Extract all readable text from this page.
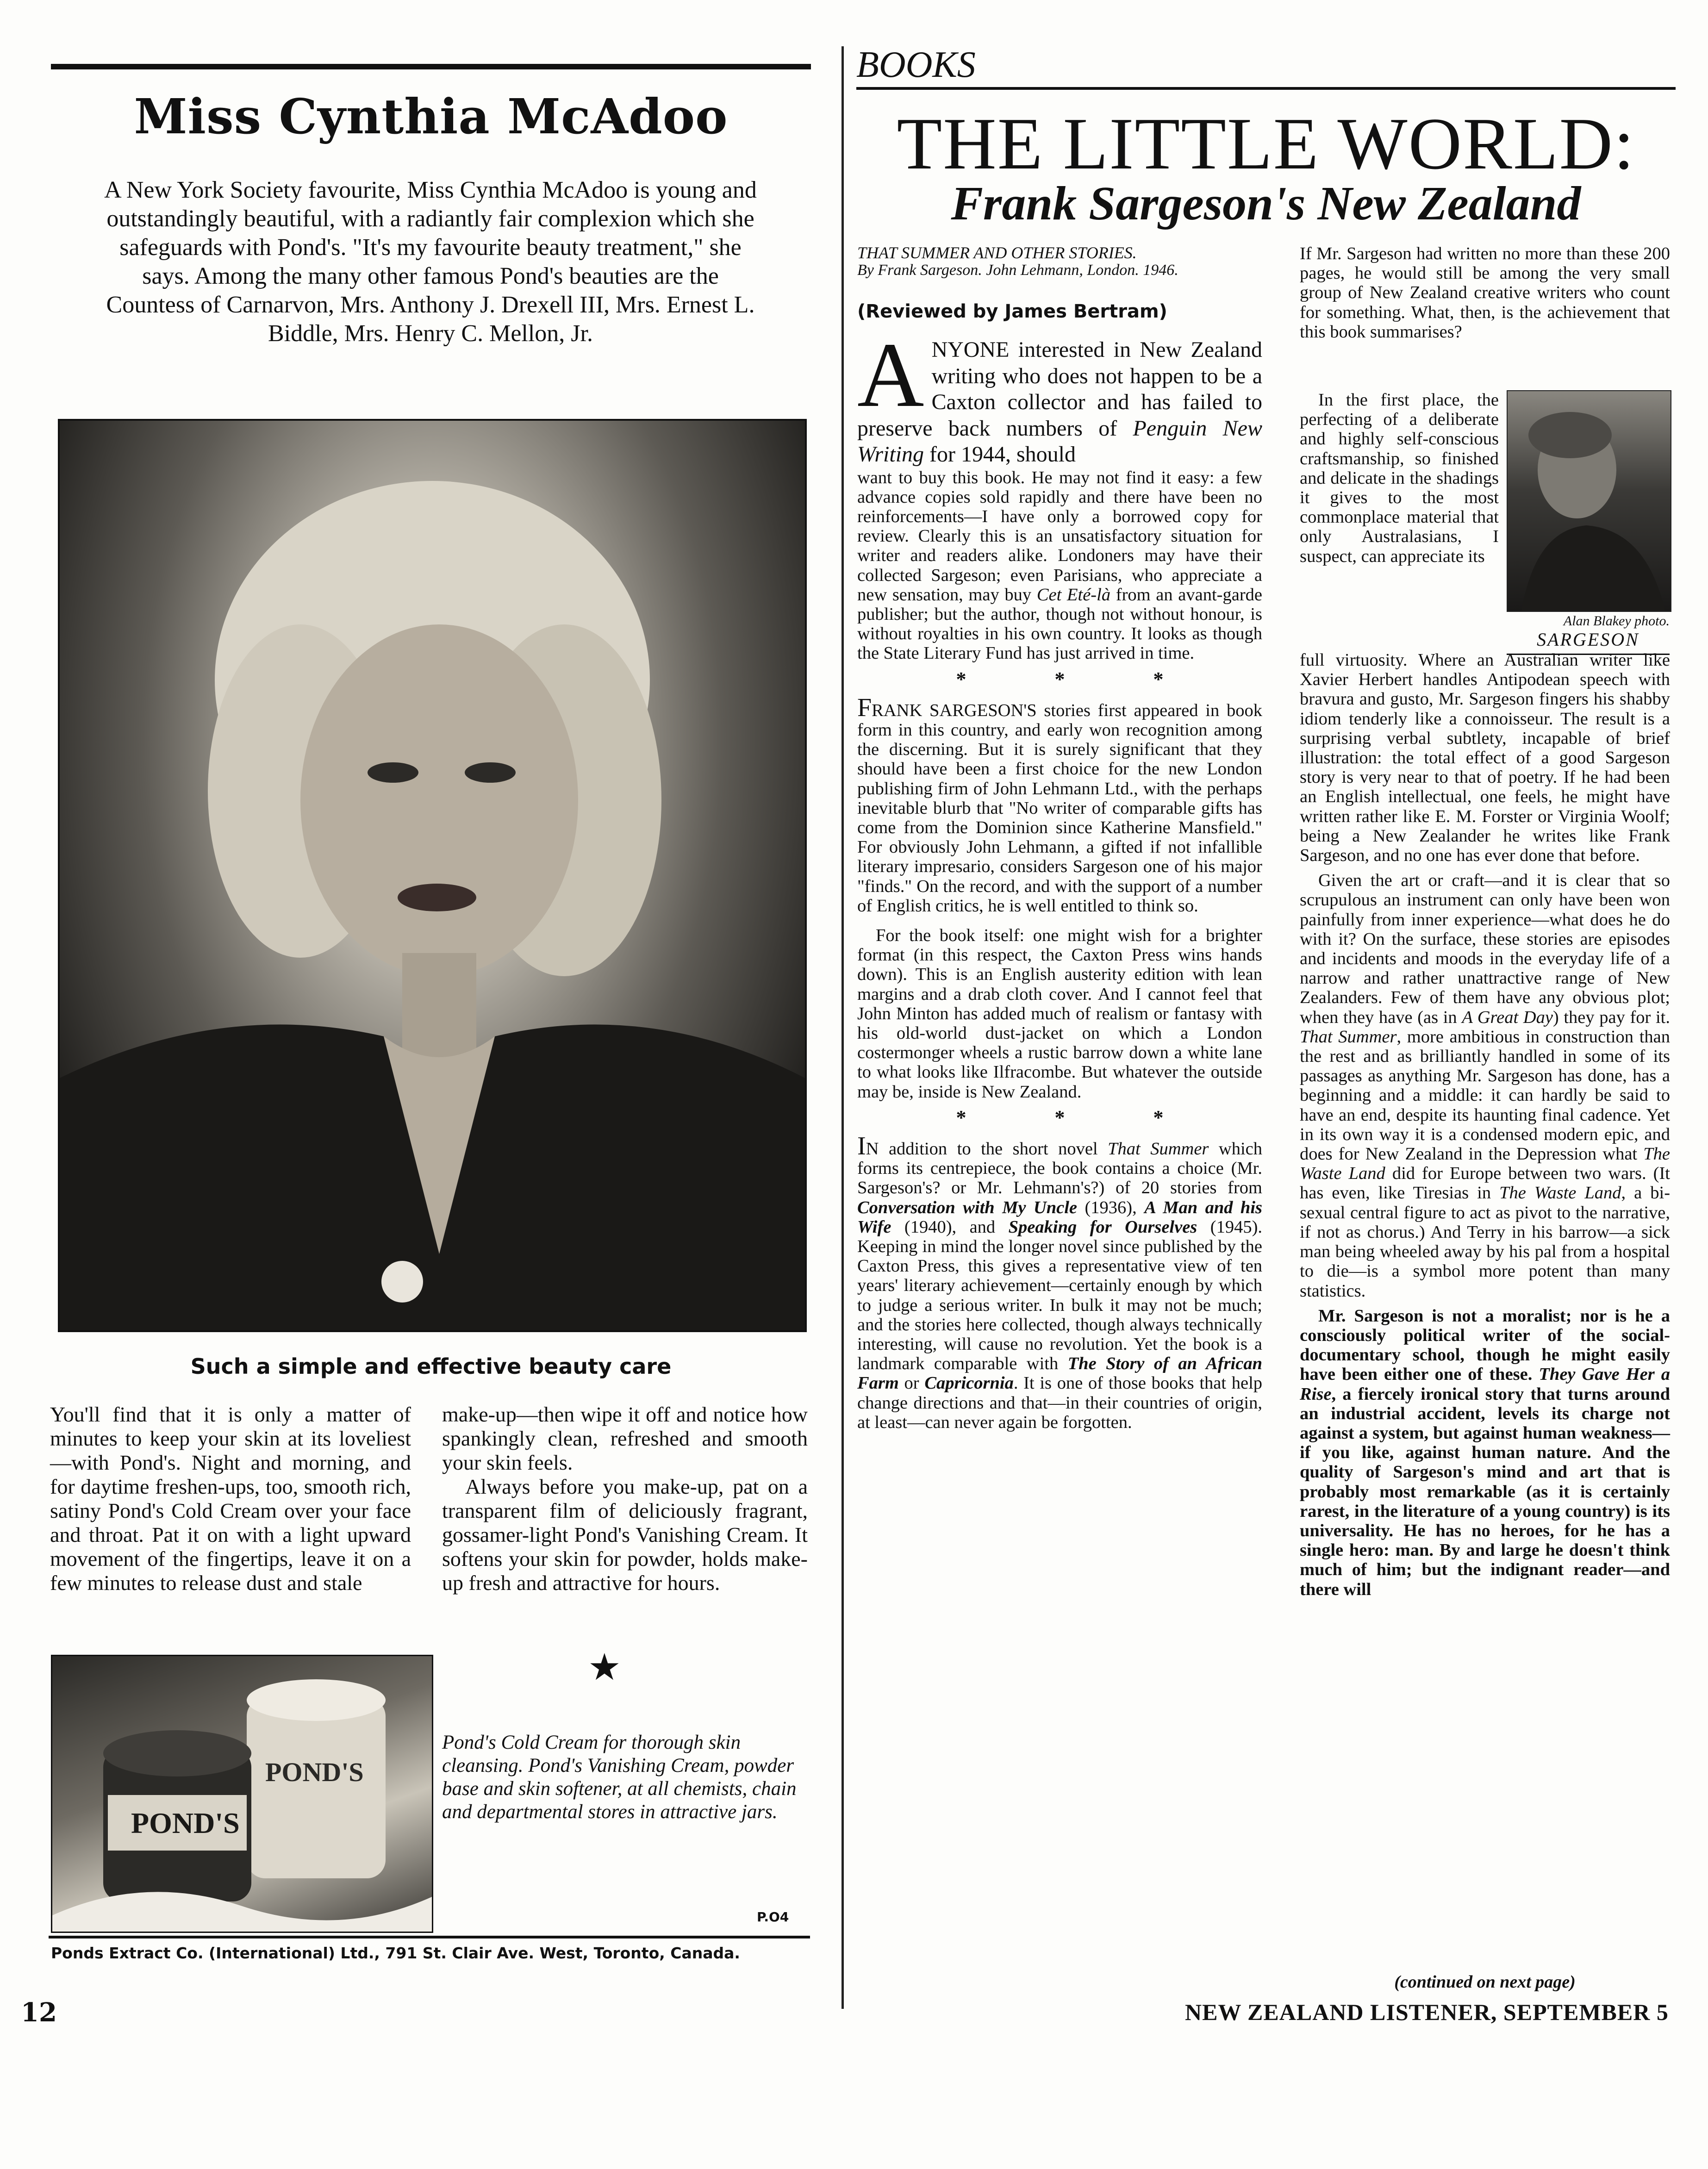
Miss Cynthia McAdoo

A New York Society favourite, Miss Cynthia McAdoo is young and outstandingly beautiful, with a radiantly fair complexion which she safeguards with Pond's. "It's my favourite beauty treatment," she says. Among the many other famous Pond's beauties are the Countess of Carnarvon, Mrs. Anthony J. Drexell III, Mrs. Ernest L. Biddle, Mrs. Henry C. Mellon, Jr.

Such a simple and effective beauty care

You'll find that it is only a matter of minutes to keep your skin at its loveliest—with Pond's. Night and morning, and for daytime freshen-ups, too, smooth rich, satiny Pond's Cold Cream over your face and throat. Pat it on with a light upward movement of the fingertips, leave it on a few minutes to release dust and stale

make-up—then wipe it off and notice how spankingly clean, refreshed and smooth your skin feels.

Always before you make-up, pat on a transparent film of deliciously fragrant, gossamer-light Pond's Vanishing Cream. It softens your skin for powder, holds make-up fresh and attractive for hours.

★
POND'S
POND'S

Pond's Cold Cream for thorough skin cleansing. Pond's Vanishing Cream, powder base and skin softener, at all chemists, chain and departmental stores in attractive jars.

P.O4
Ponds Extract Co. (International) Ltd., 791 St. Clair Ave. West, Toronto, Canada.
12
BOOKS
THE LITTLE WORLD:
Frank Sargeson's New Zealand
THAT SUMMER AND OTHER STORIES.
By Frank Sargeson. John Lehmann, London. 1946.
(Reviewed by James Bertram)

ANYONE interested in New Zealand writing who does not happen to be a Caxton collector and has failed to preserve back numbers of Penguin New Writing for 1944, should

want to buy this book. He may not find it easy: a few advance copies sold rapidly and there have been no reinforcements—I have only a borrowed copy for review. Clearly this is an unsatisfactory situation for writer and readers alike. Londoners may have their collected Sargeson; even Parisians, who appreciate a new sensation, may buy Cet Eté-là from an avant-garde publisher; but the author, though not without honour, is without royalties in his own country. It looks as though the State Literary Fund has just arrived in time.

* * *

FRANK SARGESON'S stories first appeared in book form in this country, and early won recognition among the discerning. But it is surely significant that they should have been a first choice for the new London publishing firm of John Lehmann Ltd., with the perhaps inevitable blurb that "No writer of comparable gifts has come from the Dominion since Katherine Mansfield." For obviously John Lehmann, a gifted if not infallible literary impresario, considers Sargeson one of his major "finds." On the record, and with the support of a number of English critics, he is well entitled to think so.

For the book itself: one might wish for a brighter format (in this respect, the Caxton Press wins hands down). This is an English austerity edition with lean margins and a drab cloth cover. And I cannot feel that John Minton has added much of realism or fantasy with his old-world dust-jacket on which a London costermonger wheels a rustic barrow down a white lane to what looks like Ilfracombe. But whatever the outside may be, inside is New Zealand.

* * *

IN addition to the short novel That Summer which forms its centrepiece, the book contains a choice (Mr. Sargeson's? or Mr. Lehmann's?) of 20 stories from Conversation with My Uncle (1936), A Man and his Wife (1940), and Speaking for Ourselves (1945). Keeping in mind the longer novel since published by the Caxton Press, this gives a representative view of ten years' literary achievement—certainly enough by which to judge a serious writer. In bulk it may not be much; and the stories here collected, though always technically interesting, will cause no revolution. Yet the book is a landmark comparable with The Story of an African Farm or Capricornia. It is one of those books that help change directions and that—in their countries of origin, at least—can never again be forgotten.

If Mr. Sargeson had written no more than these 200 pages, he would still be among the very small group of New Zealand creative writers who count for something. What, then, is the achievement that this book summarises?

In the first place, the perfecting of a deliberate and highly self-conscious craftsmanship, so finished and delicate in the shadings it gives to the most commonplace material that only Australasians, I suspect, can appreciate its
Alan Blakey photo.
SARGESON

full virtuosity. Where an Australian writer like Xavier Herbert handles Antipodean speech with bravura and gusto, Mr. Sargeson fingers his shabby idiom tenderly like a connoisseur. The result is a surprising verbal subtlety, incapable of brief illustration: the total effect of a good Sargeson story is very near to that of poetry. If he had been an English intellectual, one feels, he might have written rather like E. M. Forster or Virginia Woolf; being a New Zealander he writes like Frank Sargeson, and no one has ever done that before.

Given the art or craft—and it is clear that so scrupulous an instrument can only have been won painfully from inner experience—what does he do with it? On the surface, these stories are episodes and incidents and moods in the everyday life of a narrow and rather unattractive range of New Zealanders. Few of them have any obvious plot; when they have (as in A Great Day) they pay for it. That Summer, more ambitious in construction than the rest and as brilliantly handled in some of its passages as anything Mr. Sargeson has done, has a beginning and a middle: it can hardly be said to have an end, despite its haunting final cadence. Yet in its own way it is a condensed modern epic, and does for New Zealand in the Depression what The Waste Land did for Europe between two wars. (It has even, like Tiresias in The Waste Land, a bi-sexual central figure to act as pivot to the narrative, if not as chorus.) And Terry in his barrow—a sick man being wheeled away by his pal from a hospital to die—is a symbol more potent than many statistics.

Mr. Sargeson is not a moralist; nor is he a consciously political writer of the social-documentary school, though he might easily have been either one of these. They Gave Her a Rise, a fiercely ironical story that turns around an industrial accident, levels its charge not against a system, but against human weakness—if you like, against human nature. And the quality of Sargeson's mind and art that is probably most remarkable (as it is certainly rarest, in the literature of a young country) is its universality. He has no heroes, for he has a single hero: man. By and large he doesn't think much of him; but the indignant reader—and there will

(continued on next page)
NEW ZEALAND LISTENER, SEPTEMBER 5
